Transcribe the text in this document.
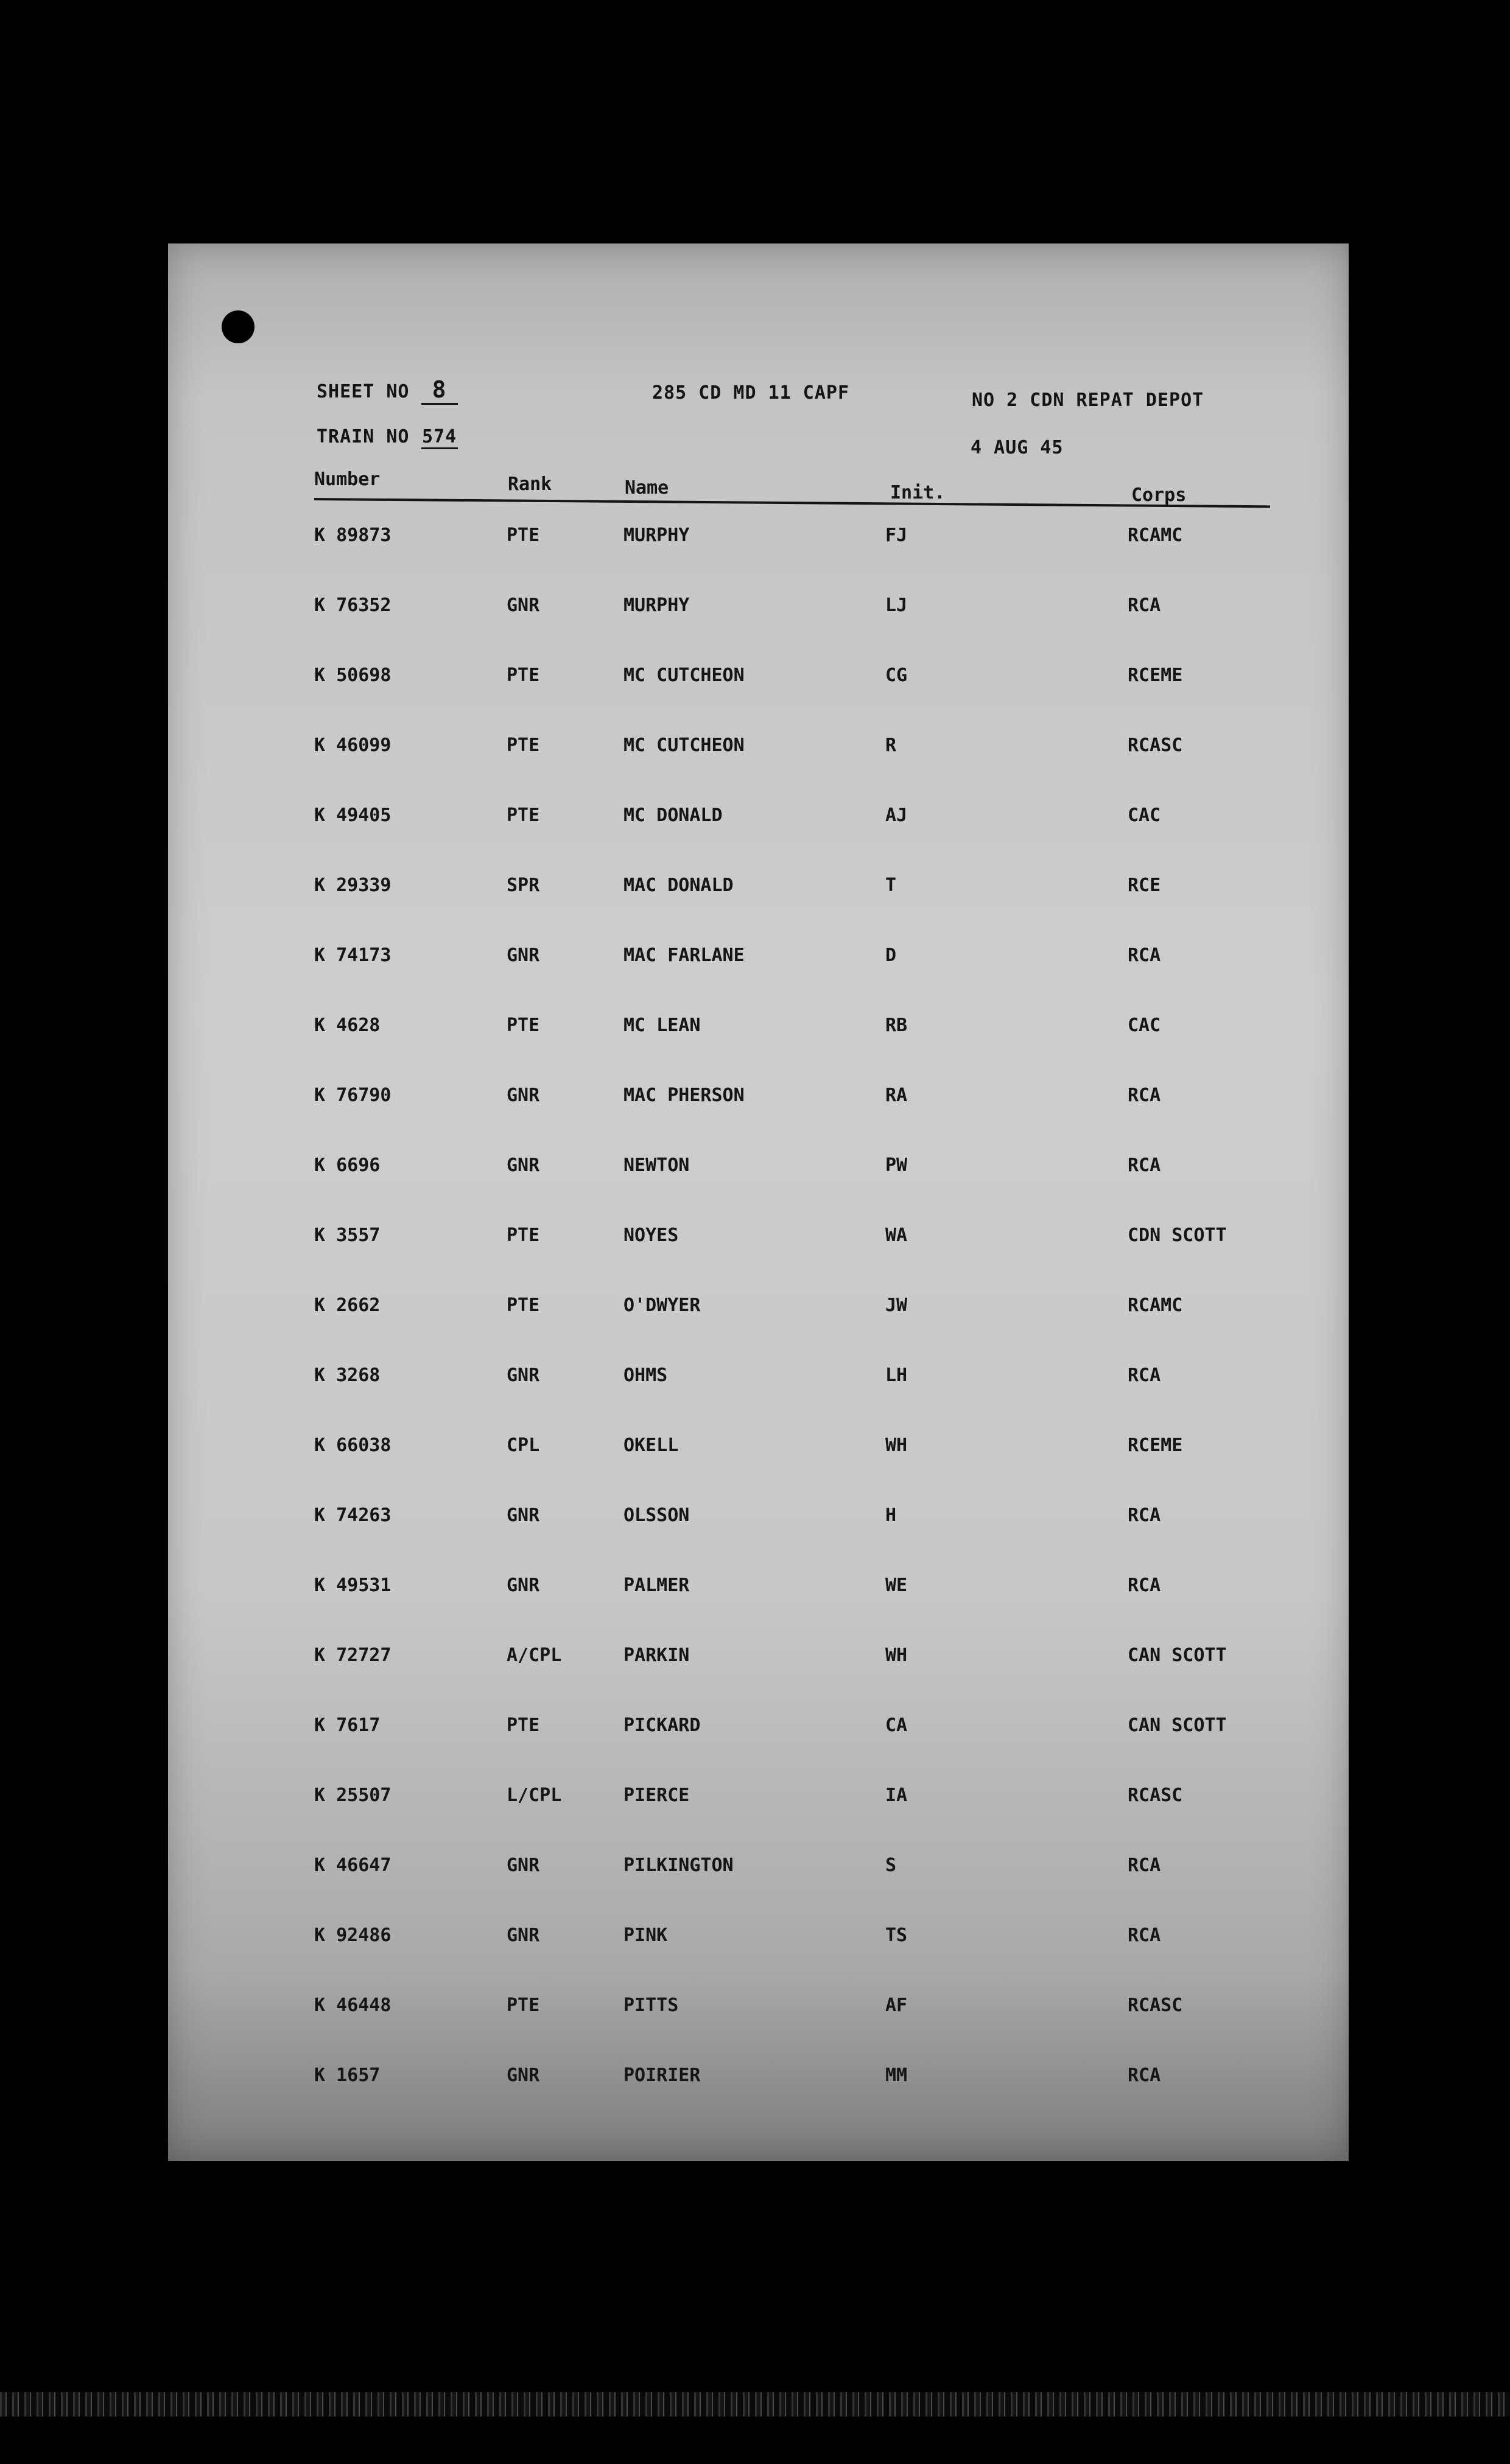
SHEET NO 8	285 CD MD 11 CAPF	NO 2 CDN REPAT DEPOT
TRAIN NO 574
4 AUG 45
Number	Rank	Name	Init.	Corps
K 89873	PTE	MURPHY	FJ	RCAMC
K 76352	GNR	MURPHY	LJ	RCA
K 50698	PTE	MC CUTCHEON	CG	RCEME
K 46099	PTE	MC CUTCHEON	R	RCASC
K 49405	PTE	MC DONALD	AJ	CAC
K 29339	SPR	MAC DONALD	T	RCE
K 74173	GNR	MAC FARLANE	D	RCA
K 4628	PTE	MC LEAN	RB	CAC
K 76790	GNR	MAC PHERSON	RA	RCA
K 6696	GNR	NEWTON	PW	RCA
K 3557	PTE	NOYES	WA	CDN SCOTT
K 2662	PTE	O'DWYER	JW	RCAMC
K 3268	GNR	OHMS	LH	RCA
K 66038	CPL	OKELL	WH	RCEME
K 74263	GNR	OLSSON	H	RCA
K 49531	GNR	PALMER	WE	RCA
K 72727	A/CPL	PARKIN	WH	CAN SCOTT
K 7617	PTE	PICKARD	CA	CAN SCOTT
K 25507	L/CPL	PIERCE	IA	RCASC
K 46647	GNR	PILKINGTON	S	RCA
K 92486	GNR	PINK	TS	RCA
K 46448	PTE	PITTS	AF	RCASC
K 1657	GNR	POIRIER	MM	RCA
